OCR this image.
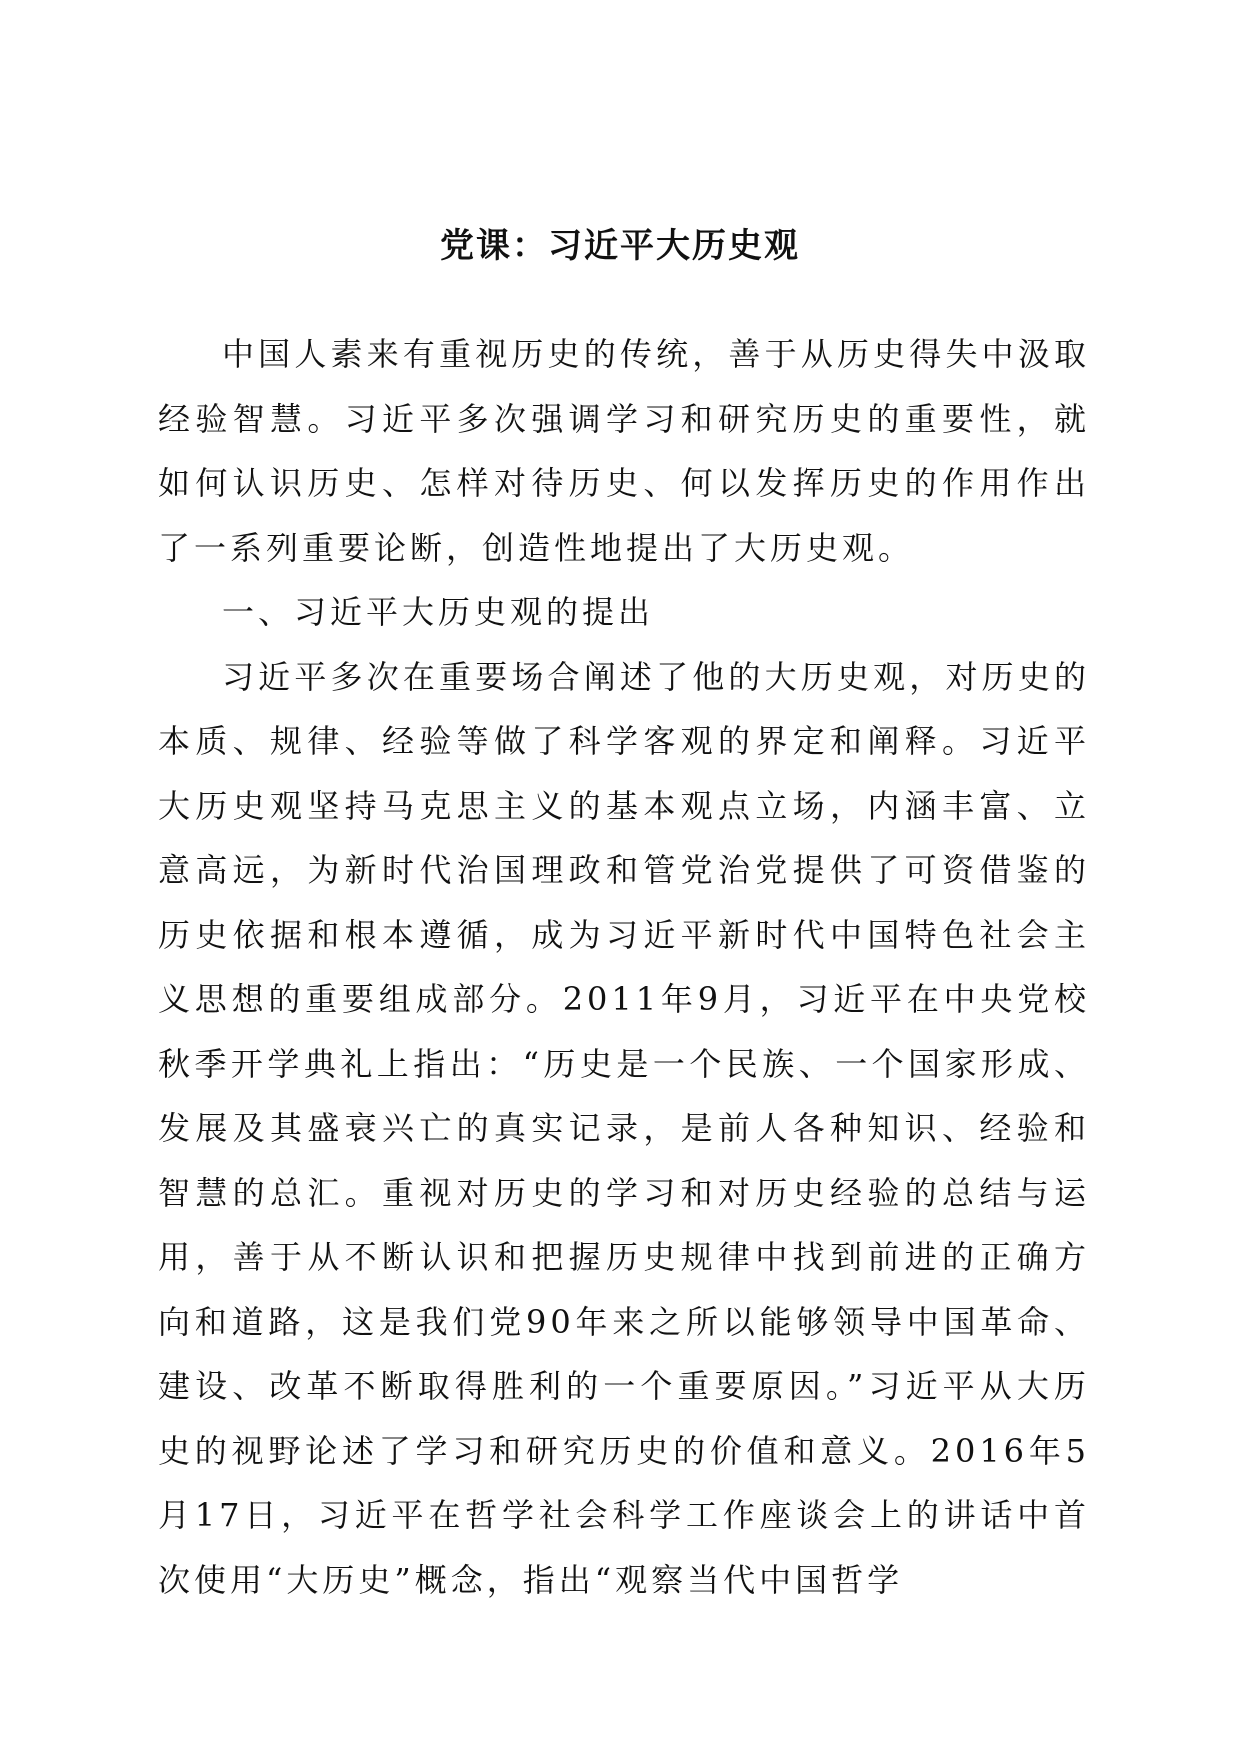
党课：习近平大历史观

中国人素来有重视历史的传统，善于从历史得失中汲取经验智慧。习近平多次强调学习和研究历史的重要性，就如何认识历史、怎样对待历史、何以发挥历史的作用作出了一系列重要论断，创造性地提出了大历史观。

一、习近平大历史观的提出

习近平多次在重要场合阐述了他的大历史观，对历史的本质、规律、经验等做了科学客观的界定和阐释。习近平大历史观坚持马克思主义的基本观点立场，内涵丰富、立意高远，为新时代治国理政和管党治党提供了可资借鉴的历史依据和根本遵循，成为习近平新时代中国特色社会主义思想的重要组成部分。2011年9月，习近平在中央党校秋季开学典礼上指出：“历史是一个民族、一个国家形成、发展及其盛衰兴亡的真实记录，是前人各种知识、经验和智慧的总汇。重视对历史的学习和对历史经验的总结与运用，善于从不断认识和把握历史规律中找到前进的正确方向和道路，这是我们党90年来之所以能够领导中国革命、建设、改革不断取得胜利的一个重要原因。”习近平从大历史的视野论述了学习和研究历史的价值和意义。2016年5月17日，习近平在哲学社会科学工作座谈会上的讲话中首次使用“大历史”概念，指出“观察当代中国哲学
